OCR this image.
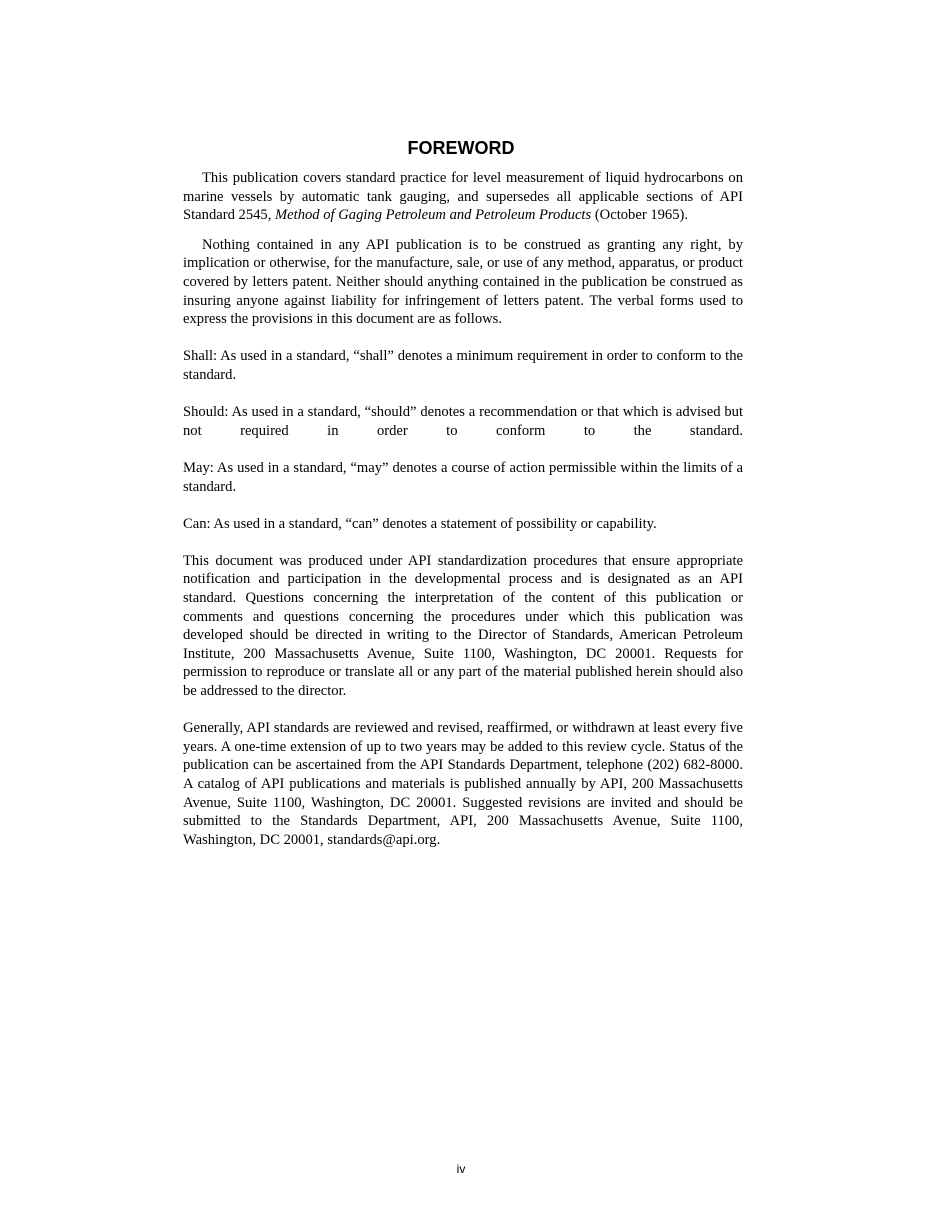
FOREWORD

This publication covers standard practice for level measurement of liquid hydrocarbons on marine vessels by automatic tank gauging, and supersedes all applicable sections of API Standard 2545, Method of Gaging Petroleum and Petroleum Products (October 1965).

Nothing contained in any API publication is to be construed as granting any right, by implication or otherwise, for the manufacture, sale, or use of any method, apparatus, or product covered by letters patent. Neither should anything contained in the publication be construed as insuring anyone against liability for infringement of letters patent. The verbal forms used to express the provisions in this document are as follows.

Shall: As used in a standard, “shall” denotes a minimum requirement in order to conform to the standard.

Should: As used in a standard, “should” denotes a recommendation or that which is advised but not required in order to conform to the standard.

May: As used in a standard, “may” denotes a course of action permissible within the limits of a standard.

Can: As used in a standard, “can” denotes a statement of possibility or capability.

This document was produced under API standardization procedures that ensure appropriate notification and participation in the developmental process and is designated as an API standard. Questions concerning the interpretation of the content of this publication or comments and questions concerning the procedures under which this publication was developed should be directed in writing to the Director of Standards, American Petroleum Institute, 200 Massachusetts Avenue, Suite 1100, Washington, DC 20001. Requests for permission to reproduce or translate all or any part of the material published herein should also be addressed to the director.

Generally, API standards are reviewed and revised, reaffirmed, or withdrawn at least every five years. A one-time extension of up to two years may be added to this review cycle. Status of the publication can be ascertained from the API Standards Department, telephone (202) 682-8000. A catalog of API publications and materials is published annually by API, 200 Massachusetts Avenue, Suite 1100, Washington, DC 20001. Suggested revisions are invited and should be submitted to the Standards Department, API, 200 Massachusetts Avenue, Suite 1100, Washington, DC 20001, standards@api.org.

iv
